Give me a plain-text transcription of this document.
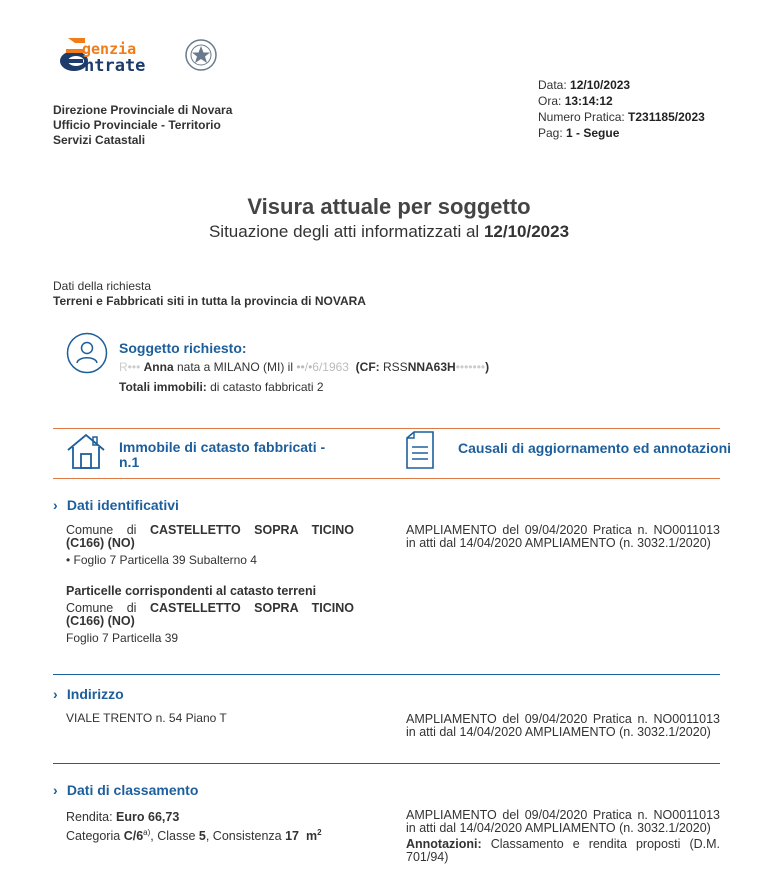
genzia
ntrate
Direzione Provinciale di Novara
Ufficio Provinciale - Territorio
Servizi Catastali
Data: 12/10/2023
Ora: 13:14:12
Numero Pratica: T231185/2023
Pag: 1 - Segue
Visura attuale per soggetto
Situazione degli atti informatizzati al 12/10/2023
Dati della richiesta
Terreni e Fabbricati siti in tutta la provincia di NOVARA
Soggetto richiesto:
R••• Anna nata a MILANO (MI) il ••/•6/1963 (CF: RSSNNA63H•••••••)
Totali immobili: di catasto fabbricati 2
Immobile di catasto fabbricati - n.1
Causali di aggiornamento ed annotazioni
› Dati identificativi
Comune di CASTELLETTO SOPRA TICINO
(C166) (NO)
• Foglio 7 Particella 39 Subalterno 4
Particelle corrispondenti al catasto terreni
Comune di CASTELLETTO SOPRA TICINO
(C166) (NO)
Foglio 7 Particella 39
AMPLIAMENTO del 09/04/2020 Pratica n. NO0011013 in atti dal 14/04/2020 AMPLIAMENTO (n. 3032.1/2020)
› Indirizzo
VIALE TRENTO n. 54 Piano T	AMPLIAMENTO del 09/04/2020 Pratica n. NO0011013 in atti dal 14/04/2020 AMPLIAMENTO (n. 3032.1/2020)
› Dati di classamento
Rendita: Euro 66,73
Categoria C/6$^{a)}$, Classe 5, Consistenza 17 $m^2$
AMPLIAMENTO del 09/04/2020 Pratica n. NO0011013 in atti dal 14/04/2020 AMPLIAMENTO (n. 3032.1/2020)
Annotazioni: Classamento e rendita proposti (D.M. 701/94)
